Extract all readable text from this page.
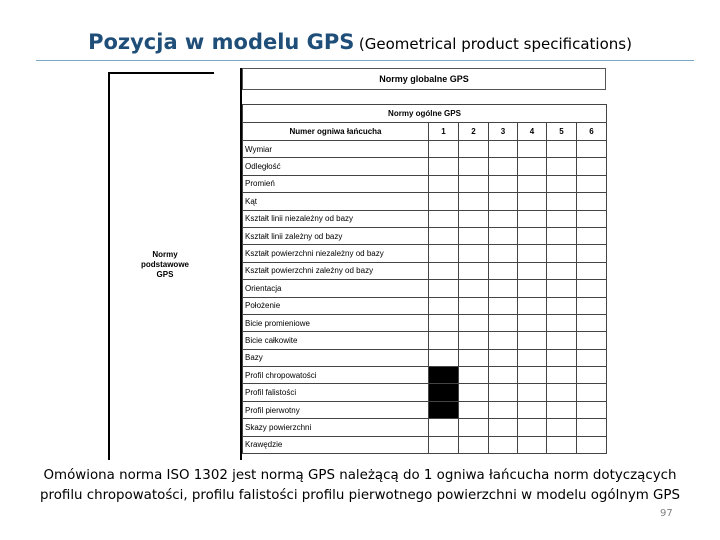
Pozycja w modelu GPS (Geometrical product specifications)
Normy globalne GPS
Normy
podstawowe
GPS
Normy ogólne GPS						
Numer ogniwa łańcucha	1	2	3	4	5	6
Wymiar						
Odległość						
Promień						
Kąt						
Kształt linii niezależny od bazy						
Kształt linii zależny od bazy						
Kształt powierzchni niezależny od bazy						
Kształt powierzchni zależny od bazy						
Orientacja						
Położenie						
Bicie promieniowe						
Bicie całkowite						
Bazy						
Profil chropowatości						
Profil falistości						
Profil pierwotny						
Skazy powierzchni						
Krawędzie						
Omówiona norma ISO 1302 jest normą GPS należącą do 1 ogniwa łańcucha norm dotyczących
profilu chropowatości, profilu falistości profilu pierwotnego powierzchni w modelu ogólnym GPS
97
